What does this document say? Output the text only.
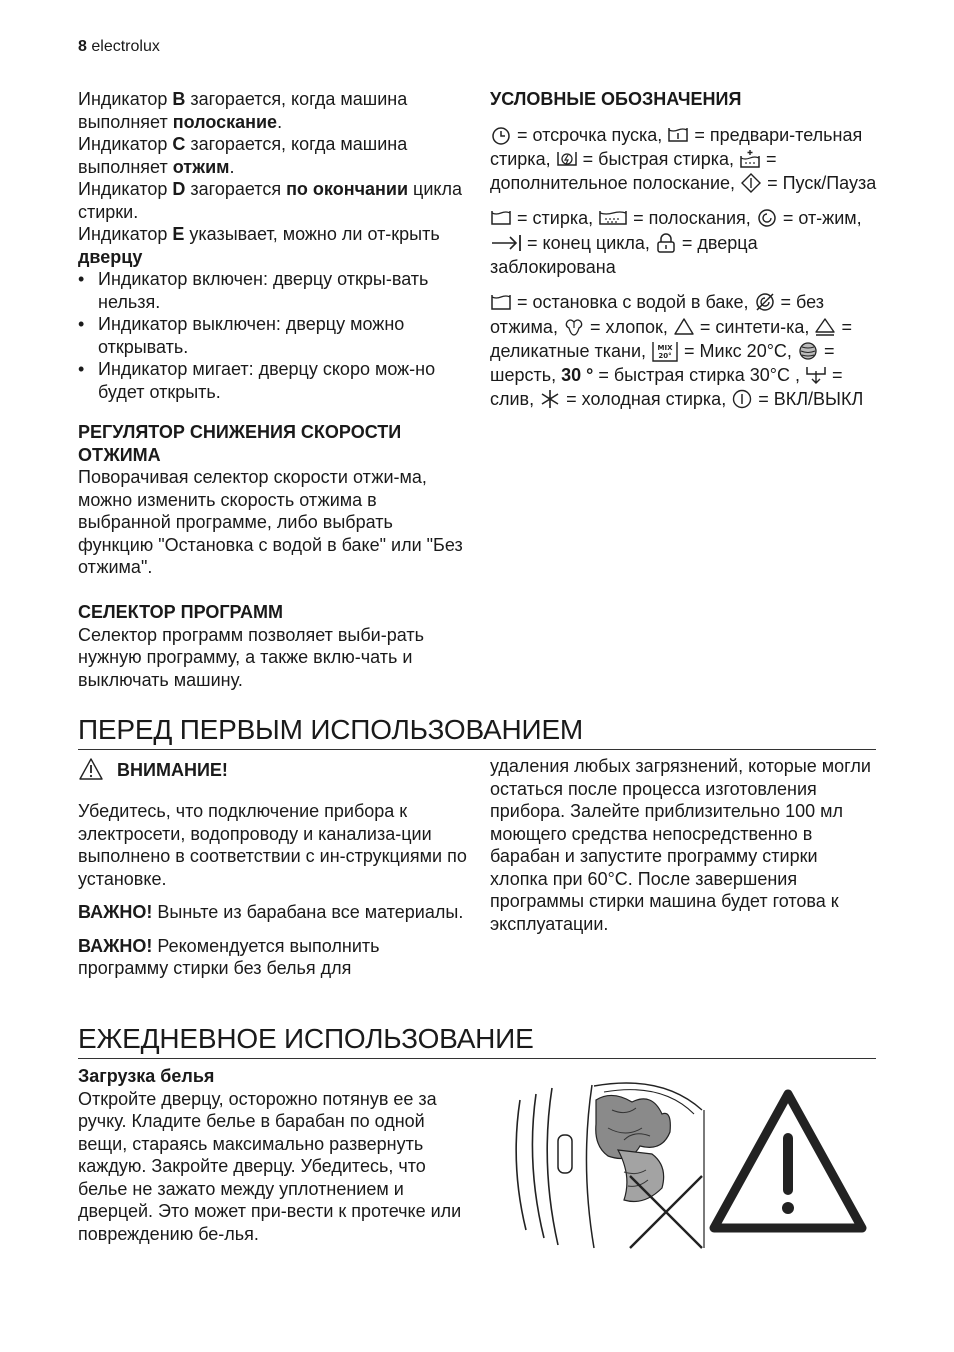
8 electrolux

Индикатор B загорается, когда машина выполняет полоскание.

Индикатор C загорается, когда машина выполняет отжим.

Индикатор D загорается по окончании цикла стирки.

Индикатор E указывает, можно ли от-крыть дверцу

• Индикатор включен: дверцу откры-вать нельзя.
• Индикатор выключен: дверцу можно открывать.
• Индикатор мигает: дверцу скоро мож-но будет открыть.
РЕГУЛЯТОР СНИЖЕНИЯ СКОРОСТИ ОТЖИМА

Поворачивая селектор скорости отжи-ма, можно изменить скорость отжима в выбранной программе, либо выбрать функцию "Остановка с водой в баке" или "Без отжима".

СЕЛЕКТОР ПРОГРАММ

Селектор программ позволяет выби-рать нужную программу, а также вклю-чать и выключать машину.

УСЛОВНЫЕ ОБОЗНАЧЕНИЯ

= отсрочка пуска, = предвари-тельная стирка, = быстрая стирка, = дополнительное полоскание, = Пуск/Пауза

= стирка, = полоскания, = от-жим,
= конец цикла, = дверца заблокирована

= остановка с водой в баке, = без отжима, = хлопок, = синтети-ка, = деликатные ткани, MIX
20° = Микс 20°C, = шерсть, 30 ° = быстрая стирка 30°C , = слив, = холодная стирка, = ВКЛ/ВЫКЛ

ПЕРЕД ПЕРВЫМ ИСПОЛЬЗОВАНИЕМ
ВНИМАНИЕ!

Убедитесь, что подключение прибора к электросети, водопроводу и канализа-ции выполнено в соответствии с ин-струкциями по установке.

ВАЖНО! Выньте из барабана все материалы.

ВАЖНО! Рекомендуется выполнить программу стирки без белья для

удаления любых загрязнений, которые могли остаться после процесса изготовления прибора. Залейте приблизительно 100 мл моющего средства непосредственно в барабан и запустите программу стирки хлопка при 60°C. После завершения программы стирки машина будет готова к эксплуатации.

ЕЖЕДНЕВНОЕ ИСПОЛЬЗОВАНИЕ
Загрузка белья

Откройте дверцу, осторожно потянув ее за ручку. Кладите белье в барабан по одной вещи, стараясь максимально развернуть каждую. Закройте дверцу. Убедитесь, что белье не зажато между уплотнением и дверцей. Это может при-вести к протечке или повреждению бе-лья.
